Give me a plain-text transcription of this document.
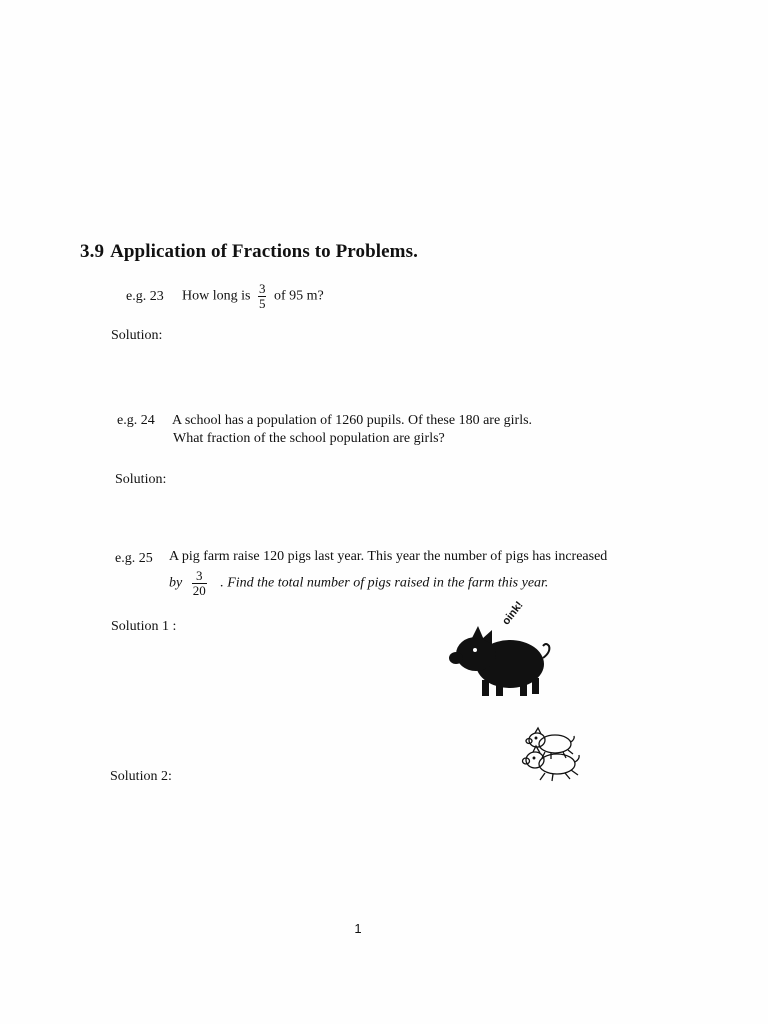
3.9 Application of Fractions to Problems.
e.g. 23 How long is $\frac{3}{5}$ of 95 m?
Solution:
e.g. 24 A school has a population of 1260 pupils. Of these 180 are girls.
What fraction of the school population are girls?
Solution:
e.g. 25 A pig farm raise 120 pigs last year. This year the number of pigs has increased
by $\frac{3}{20}$ . Find the total number of pigs raised in the farm this year.
Solution 1 :
Solution 2:
oink!
1
